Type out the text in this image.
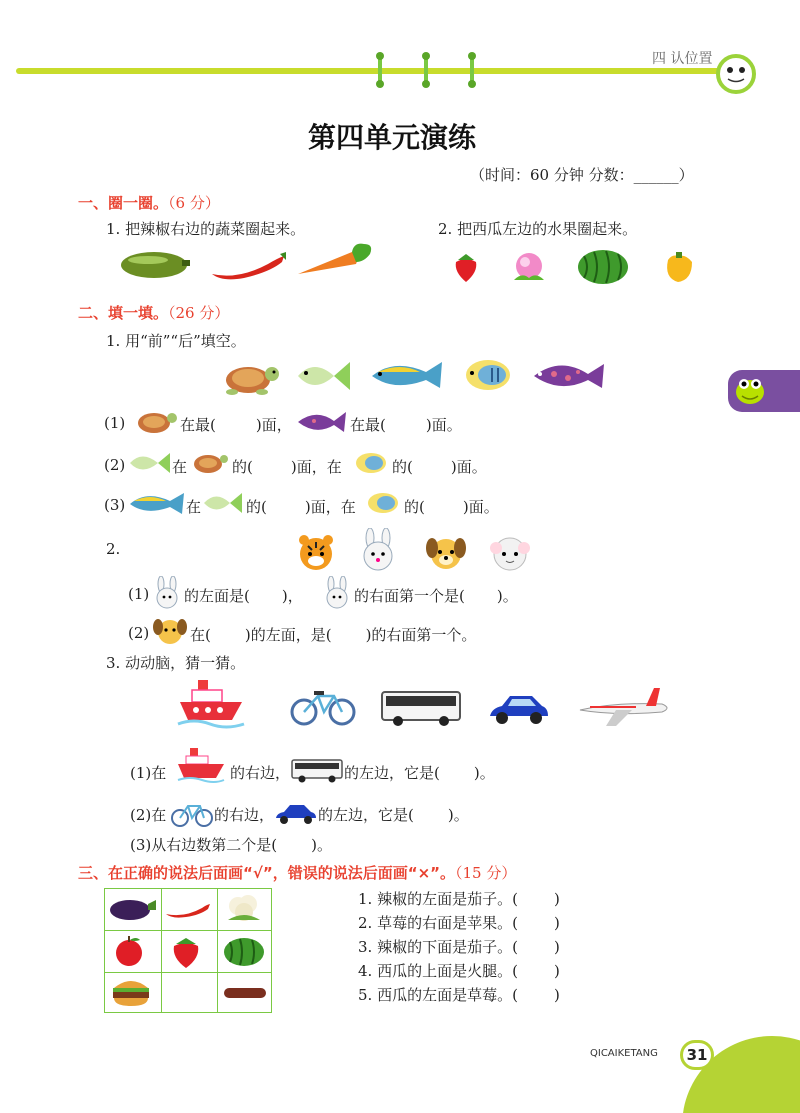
四 认位置
第四单元演练
（时间：60 分钟 分数：______）
一、圈一圈。（6 分）
1. 把辣椒右边的蔬菜圈起来。	2. 把西瓜左边的水果圈起来。
二、填一填。（26 分）
1. 用“前”“后”填空。
(1)	在最(	)面，	在最(	)面。
(2)	在	的(	)面，在	的(	)面。
(3)	在	的(	)面，在	的(	)面。
2.
(1) 的左面是( )，	的右面第一个是( )。
(2)	在( )的左面，是( )的右面第一个。
3. 动动脑，猜一猜。
(1)在	的右边，	的左边，它是( )。
(2)在	的右边，	的左边，它是( )。
(3)从右边数第二个是( )。
三、在正确的说法后面画“√”，错误的说法后面画“×”。（15 分）
1. 辣椒的左面是茄子。( )
2. 草莓的右面是苹果。( )
3. 辣椒的下面是茄子。( )
4. 西瓜的上面是火腿。( )
5. 西瓜的左面是草莓。( )
QICAIKETANG 31
